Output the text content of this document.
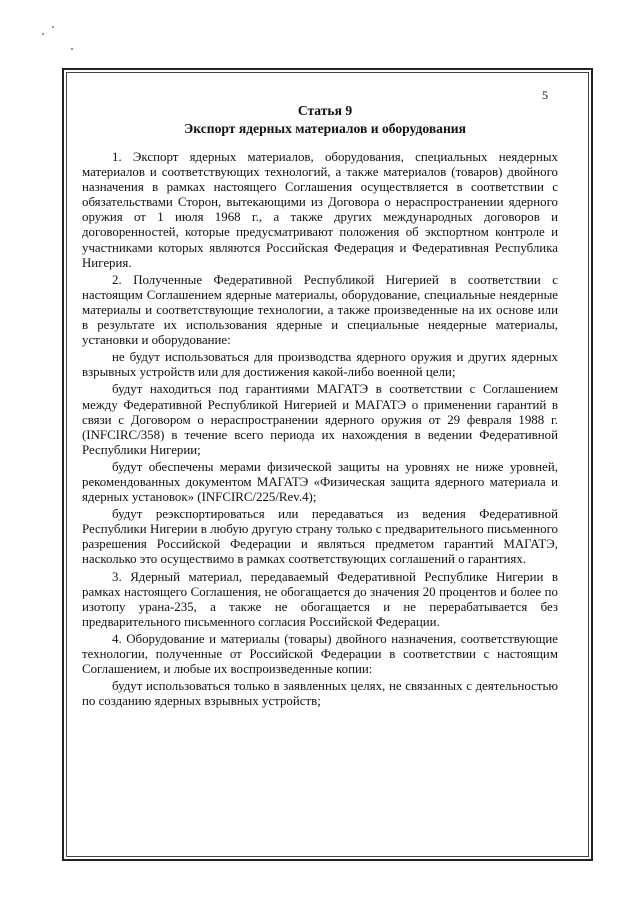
5
Статья 9
Экспорт ядерных материалов и оборудования

1. Экспорт ядерных материалов, оборудования, специальных неядерных материалов и соответствующих технологий, а также материалов (товаров) двойного назначения в рамках настоящего Соглашения осуществляется в соответствии с обязательствами Сторон, вытекающими из Договора о нераспространении ядерного оружия от 1 июля 1968 г., а также других международных договоров и договоренностей, которые предусматривают положения об экспортном контроле и участниками которых являются Российская Федерация и Федеративная Республика Нигерия.

2. Полученные Федеративной Республикой Нигерией в соответствии с настоящим Соглашением ядерные материалы, оборудование, специальные неядерные материалы и соответствующие технологии, а также произведенные на их основе или в результате их использования ядерные и специальные неядерные материалы, установки и оборудование:

не будут использоваться для производства ядерного оружия и других ядерных взрывных устройств или для достижения какой-либо военной цели;

будут находиться под гарантиями МАГАТЭ в соответствии с Соглашением между Федеративной Республикой Нигерией и МАГАТЭ о применении гарантий в связи с Договором о нераспространении ядерного оружия от 29 февраля 1988 г. (INFCIRC/358) в течение всего периода их нахождения в ведении Федеративной Республики Нигерии;

будут обеспечены мерами физической защиты на уровнях не ниже уровней, рекомендованных документом МАГАТЭ «Физическая защита ядерного материала и ядерных установок» (INFCIRC/225/Rev.4);

будут реэкспортироваться или передаваться из ведения Федеративной Республики Нигерии в любую другую страну только с предварительного письменного разрешения Российской Федерации и являться предметом гарантий МАГАТЭ, насколько это осуществимо в рамках соответствующих соглашений о гарантиях.

3. Ядерный материал, передаваемый Федеративной Республике Нигерии в рамках настоящего Соглашения, не обогащается до значения 20 процентов и более по изотопу урана-235, а также не обогащается и не перерабатывается без предварительного письменного согласия Российской Федерации.

4. Оборудование и материалы (товары) двойного назначения, соответствующие технологии, полученные от Российской Федерации в соответствии с настоящим Соглашением, и любые их воспроизведенные копии:

будут использоваться только в заявленных целях, не связанных с деятельностью по созданию ядерных взрывных устройств;
